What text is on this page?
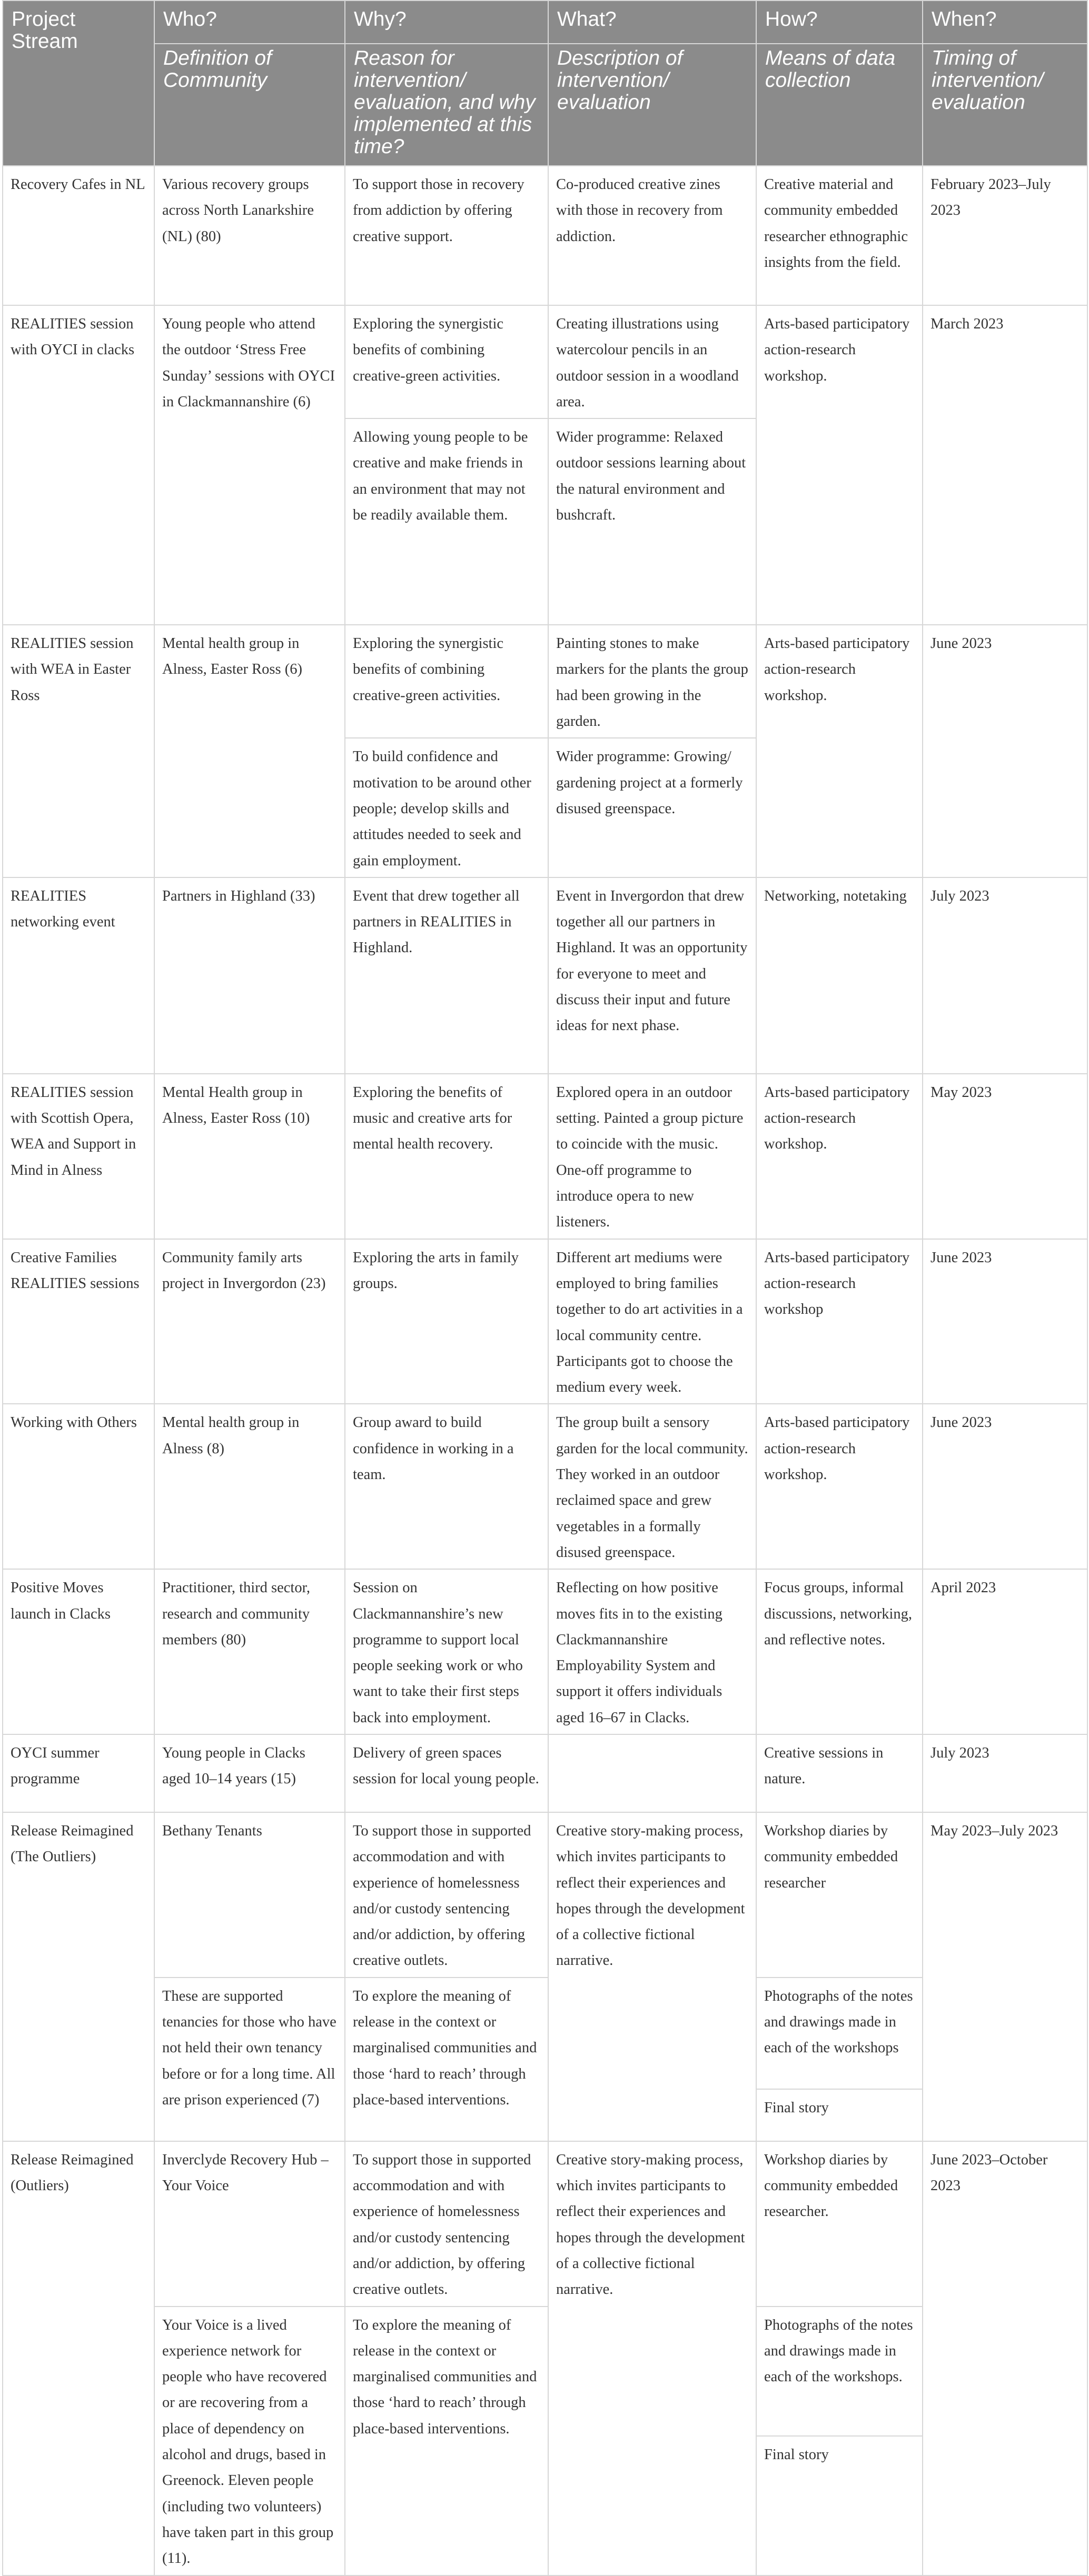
Project Stream	Who?	Why?	What?	How?	When?
	Definition of Community	Reason for intervention/ evaluation, and why implemented at this time?	Description of intervention/ evaluation	Means of data collection	Timing of intervention/ evaluation
Recovery Cafes in NL	Various recovery groups across North Lanarkshire (NL) (80)	To support those in recovery from addiction by offering creative support.	Co-produced creative zines with those in recovery from addiction.	Creative material and community embedded researcher ethnographic insights from the field.	February 2023–July 2023
REALITIES session with OYCI in clacks	Young people who attend the outdoor ‘Stress Free Sunday’ sessions with OYCI in Clackmannanshire (6)	Exploring the synergistic benefits of combining creative-green activities.	Creating illustrations using watercolour pencils in an outdoor session in a woodland area.	Arts-based participatory action-research workshop.	March 2023
		Allowing young people to be creative and make friends in an environment that may not be readily available them.	Wider programme: Relaxed outdoor sessions learning about the natural environment and bushcraft.		
REALITIES session with WEA in Easter Ross	Mental health group in Alness, Easter Ross (6)	Exploring the synergistic benefits of combining creative-green activities.	Painting stones to make markers for the plants the group had been growing in the garden.	Arts-based participatory action-research workshop.	June 2023
		To build confidence and motivation to be around other people; develop skills and attitudes needed to seek and gain employment.	Wider programme: Growing/ gardening project at a formerly disused greenspace.		
REALITIES networking event	Partners in Highland (33)	Event that drew together all partners in REALITIES in Highland.	Event in Invergordon that drew together all our partners in Highland. It was an opportunity for everyone to meet and discuss their input and future ideas for next phase.	Networking, notetaking	July 2023
REALITIES session with Scottish Opera, WEA and Support in Mind in Alness	Mental Health group in Alness, Easter Ross (10)	Exploring the benefits of music and creative arts for mental health recovery.	Explored opera in an outdoor setting. Painted a group picture to coincide with the music. One-off programme to introduce opera to new listeners.	Arts-based participatory action-research workshop.	May 2023
Creative Families REALITIES sessions	Community family arts project in Invergordon (23)	Exploring the arts in family groups.	Different art mediums were employed to bring families together to do art activities in a local community centre. Participants got to choose the medium every week.	Arts-based participatory action-research workshop	June 2023
Working with Others	Mental health group in Alness (8)	Group award to build confidence in working in a team.	The group built a sensory garden for the local community. They worked in an outdoor reclaimed space and grew vegetables in a formally disused greenspace.	Arts-based participatory action-research workshop.	June 2023
Positive Moves launch in Clacks	Practitioner, third sector, research and community members (80)	Session on Clackmannanshire’s new programme to support local people seeking work or who want to take their first steps back into employment.	Reflecting on how positive moves fits in to the existing Clackmannanshire Employability System and support it offers individuals aged 16–67 in Clacks.	Focus groups, informal discussions, networking, and reflective notes.	April 2023
OYCI summer programme	Young people in Clacks aged 10–14 years (15)	Delivery of green spaces session for local young people.		Creative sessions in nature.	July 2023
Release Reimagined (The Outliers)	Bethany Tenants	To support those in supported accommodation and with experience of homelessness and/or custody sentencing and/or addiction, by offering creative outlets.	Creative story-making process, which invites participants to reflect their experiences and hopes through the development of a collective fictional narrative.	Workshop diaries by community embedded researcher	May 2023–July 2023
	These are supported tenancies for those who have not held their own tenancy before or for a long time. All are prison experienced (7)	To explore the meaning of release in the context or marginalised communities and those ‘hard to reach’ through place-based interventions.		Photographs of the notes and drawings made in each of the workshops	
				Final story	
Release Reimagined (Outliers)	Inverclyde Recovery Hub – Your Voice	To support those in supported accommodation and with experience of homelessness and/or custody sentencing and/or addiction, by offering creative outlets.	Creative story-making process, which invites participants to reflect their experiences and hopes through the development of a collective fictional narrative.	Workshop diaries by community embedded researcher.	June 2023–October 2023
	Your Voice is a lived experience network for people who have recovered or are recovering from a place of dependency on alcohol and drugs, based in Greenock. Eleven people (including two volunteers) have taken part in this group (11).	To explore the meaning of release in the context or marginalised communities and those ‘hard to reach’ through place-based interventions.		Photographs of the notes and drawings made in each of the workshops.	
				Final story	
